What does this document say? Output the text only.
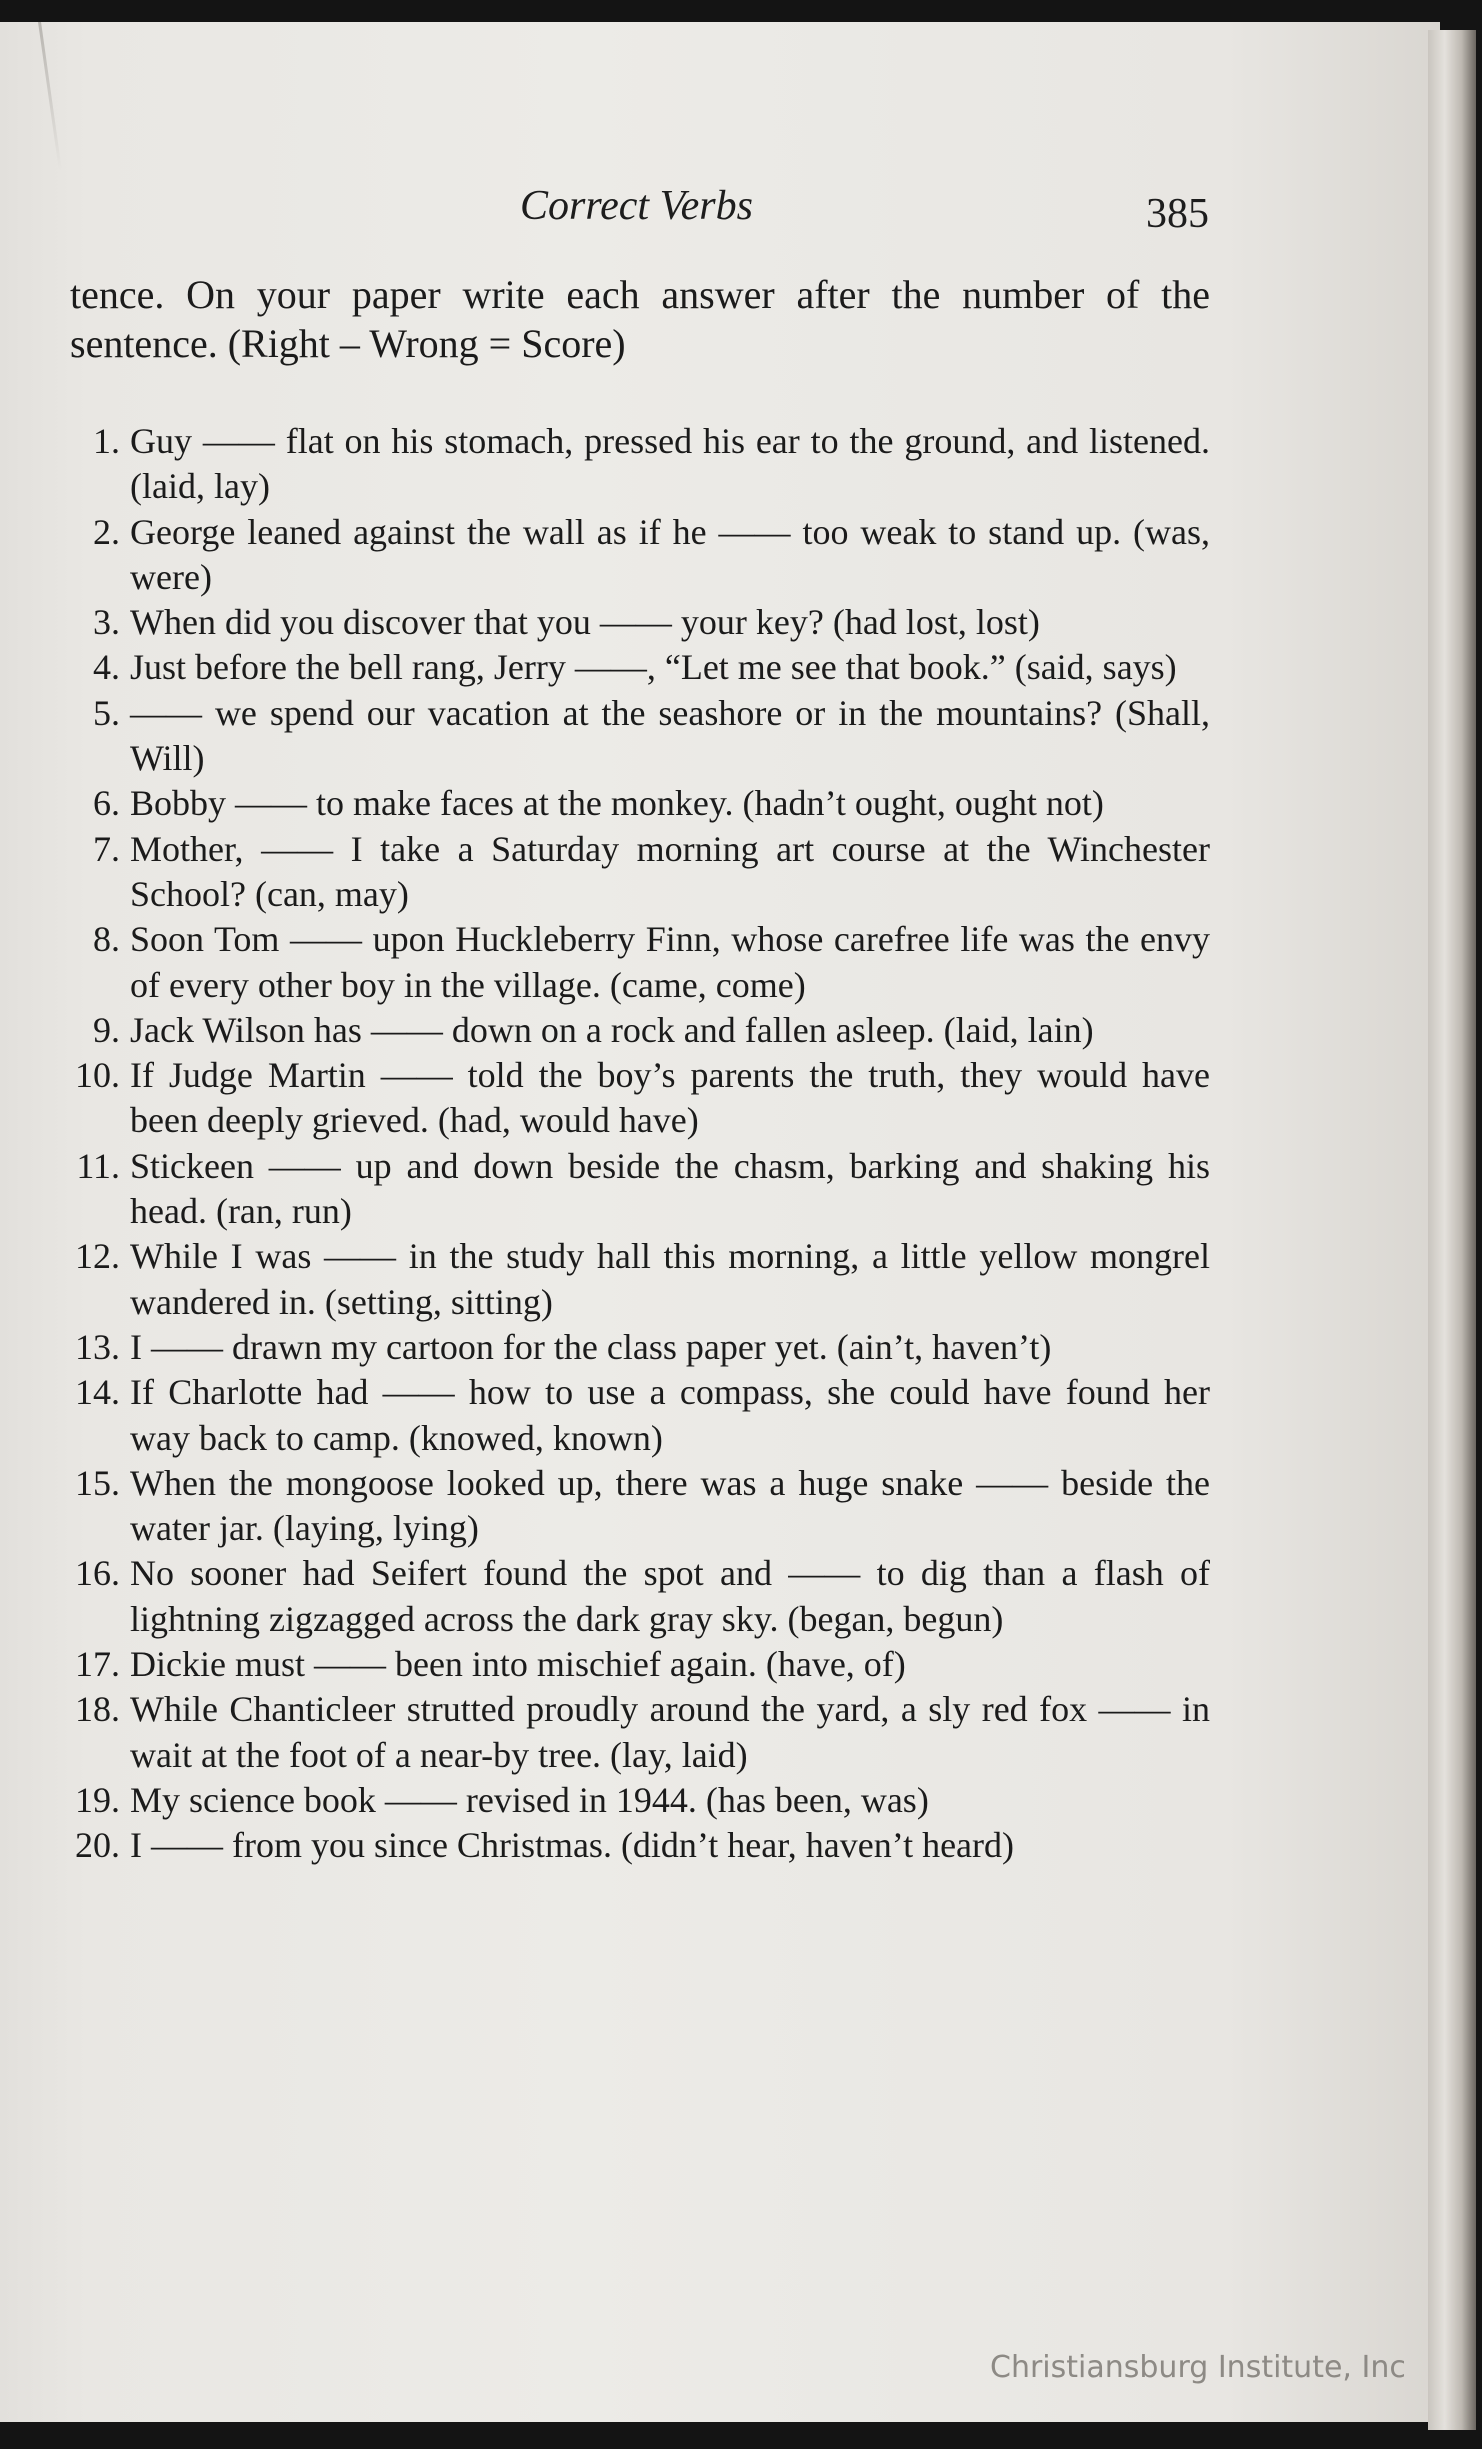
Correct Verbs	385

tence. On your paper write each answer after the number of the sentence. (Right – Wrong = Score)

1. Guy —— flat on his stomach, pressed his ear to the ground, and listened. (laid, lay)
2. George leaned against the wall as if he —— too weak to stand up. (was, were)
3. When did you discover that you —— your key? (had lost, lost)
4. Just before the bell rang, Jerry ——, “Let me see that book.” (said, says)
5. —— we spend our vacation at the seashore or in the mountains? (Shall, Will)
6. Bobby —— to make faces at the monkey. (hadn’t ought, ought not)
7. Mother, —— I take a Saturday morning art course at the Winchester School? (can, may)
8. Soon Tom —— upon Huckleberry Finn, whose carefree life was the envy of every other boy in the village. (came, come)
9. Jack Wilson has —— down on a rock and fallen asleep. (laid, lain)
10. If Judge Martin —— told the boy’s parents the truth, they would have been deeply grieved. (had, would have)
11. Stickeen —— up and down beside the chasm, barking and shaking his head. (ran, run)
12. While I was —— in the study hall this morning, a little yellow mongrel wandered in. (setting, sitting)
13. I —— drawn my cartoon for the class paper yet. (ain’t, haven’t)
14. If Charlotte had —— how to use a compass, she could have found her way back to camp. (knowed, known)
15. When the mongoose looked up, there was a huge snake —— beside the water jar. (laying, lying)
16. No sooner had Seifert found the spot and —— to dig than a flash of lightning zigzagged across the dark gray sky. (began, begun)
17. Dickie must —— been into mischief again. (have, of)
18. While Chanticleer strutted proudly around the yard, a sly red fox —— in wait at the foot of a near-by tree. (lay, laid)
19. My science book —— revised in 1944. (has been, was)
20. I —— from you since Christmas. (didn’t hear, haven’t heard)
Christiansburg Institute, Inc
